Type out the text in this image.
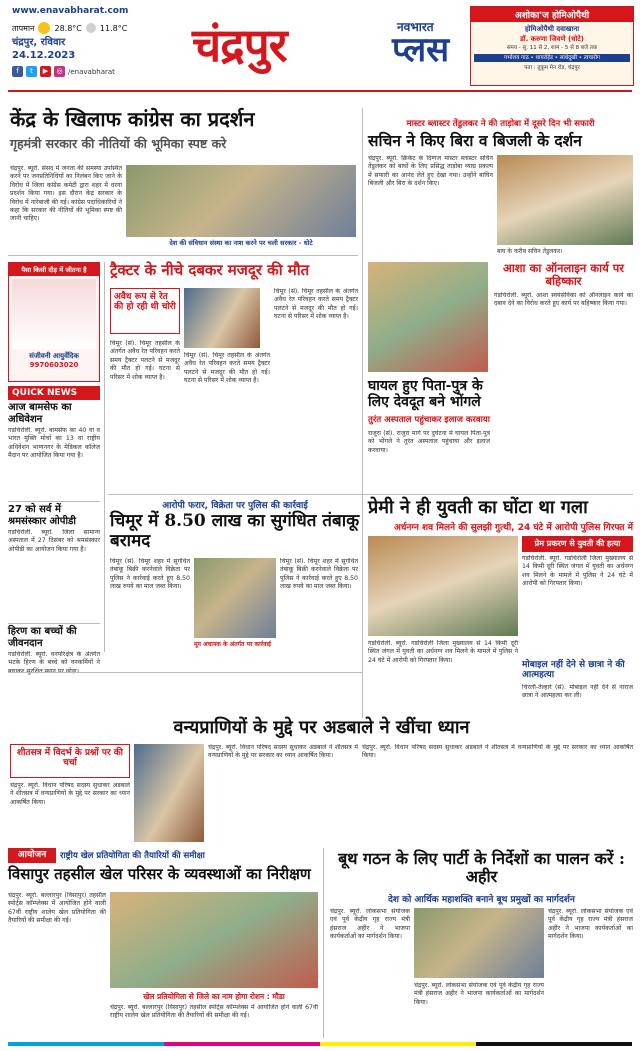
www.enavabharat.com
तापमान	28.8°C 11.8°C
चंद्रपुर, रविवार
24.12.2023
f	t	▶	◎ /enavabharat चंद्रपुर	नवभारत
प्लस
अशोका'ज होमिओपैथी
होमिओपैथी दवाखाना
डॉ. करुणा जिवणे (धोटे)
समय - सु. 11 से 2, शाम - 5 से 8 बजे तक
गर्भाशय गाठ • थायरॉईड • सांधेदुखी • त्वचारोग
पता : तुकूम मेन रोड, चंद्रपुर
केंद्र के खिलाफ कांग्रेस का प्रदर्शन
गृहमंत्री सरकार की नीतियों की भूमिका स्पष्ट करे
चंद्रपुर. ब्यूरो. संसद में जनता की समस्या उपस्थित करने पर जनप्रतिनिधियों का निलंबन किए जाने के विरोध में जिला कांग्रेस कमेटी द्वारा शहर में धरना प्रदर्शन किया गया। इस दौरान केंद्र सरकार के विरोध में नारेबाजी की गई। कांग्रेस पदाधिकारियों ने कहा कि सरकार की नीतियों की भूमिका स्पष्ट की जानी चाहिए।
देश की संविधान संस्था का नाश करने पर चली सरकार - धोटे
मास्टर ब्लास्टर तेंडुलकर ने की ताड़ोबा में दूसरे दिन भी सफारी
सचिन ने किए बिरा व बिजली के दर्शन
चंद्रपुर. ब्यूरो. क्रिकेट के दिग्गज मास्टर ब्लास्टर सचिन तेंडुलकर को बाघों के लिए प्रसिद्ध ताड़ोबा व्याघ्र प्रकल्प में सफारी का आनंद लेते हुए देखा गया। उन्होंने बाघिन बिजली और बिरा के दर्शन किए।
बाघ के करीब सचिन तेंडुलकर।
पैसा किसी दौड़ में जीतना है
संजीवनी आयुर्वेदिक
9970603020
QUICK NEWS
आज बामसेफ का अधिवेशन
गडचिरोली. ब्यूरो. बामसेफ का 40 वा व भारत मुक्ति मोर्चा का 13 वा राष्ट्रीय अधिवेशन भाग्यनगर के मेडिकल कॉलेज मैदान पर आयोजित किया गया है।
27 को सर्व में श्रमसंस्कार ओपीडी
गडचिरोली. ब्यूरो. जिला सामान्य अस्पताल में 27 दिसंबर को श्रमसंस्कार ओपीडी का आयोजन किया गया है।
हिरण का बच्चों की जीवनदान
गडचिरोली. ब्यूरो. वनपरिक्षेत्र के अंतर्गत भटके हिरण के बच्चे को वनकर्मियों ने
ट्रैक्टर के नीचे दबकर मजदूर की मौत
अवैध रूप से रेत की हो रही थी चोरी
चिमूर (सं). चिमूर तहसील के अंतर्गत अवैध रेत परिवहन करते समय ट्रैक्टर पलटने से मजदूर की मौत हो गई। घटना से परिसर में शोक व्याप्त है।
चिमूर (सं). चिमूर तहसील के अंतर्गत अवैध रेत परिवहन करते समय ट्रैक्टर पलटने से मजदूर की मौत हो गई। घटना से परिसर में शोक व्याप्त है।
चिमूर (सं). चिमूर तहसील के अंतर्गत अवैध रेत परिवहन करते समय ट्रैक्टर पलटने से मजदूर की मौत हो गई। घटना से परिसर में शोक व्याप्त है।
आशा का ऑनलाइन कार्य पर बहिष्कार
गडचिरोली. ब्यूरो. आशा स्वयंसेविका को ऑनलाइन कार्य का दबाव देने का विरोध करते हुए कार्य पर बहिष्कार किया गया।
घायल हुए पिता-पुत्र के लिए देवदूत बने भोंगले
तुरंत अस्पताल पहुंचाकर इलाज करवाया
राजुरा (सं). राजुरा मार्ग पर दुर्घटना में घायल पिता-पुत्र को भोंगले ने तुरंत अस्पताल पहुंचाया और इलाज करवाया।
आरोपी फरार, विक्रेता पर पुलिस की कार्रवाई
चिमूर में 8.50 लाख का सुगंधित तंबाकू बरामद
चिमूर (सं). चिमूर शहर में सुगंधित तंबाकू बिक्री करनेवाले विक्रेता पर पुलिस ने कार्रवाई करते हुए 8.50 लाख रुपये का माल जब्त किया।
मून अचानक के अंतर्गत पर कार्रवाई
चिमूर (सं). चिमूर शहर में सुगंधित तंबाकू बिक्री करनेवाले विक्रेता पर पुलिस ने कार्रवाई करते हुए 8.50 लाख रुपये का माल जब्त किया।
प्रेमी ने ही युवती का घोंटा था गला
अर्धनग्न शव मिलने की सुलझी गुत्थी, 24 घंटे में आरोपी पुलिस गिरफ्त में
प्रेम प्रकरण से युवती की हत्या
गडचिरोली. ब्यूरो. गडचिरोली जिला मुख्यालय से 14 किमी दूरी स्थित जंगल में युवती का अर्धनग्न शव मिलने के मामले में पुलिस ने 24 घंटे में आरोपी को गिरफ्तार किया।
गडचिरोली. ब्यूरो. गडचिरोली जिला मुख्यालय से 14 किमी दूरी स्थित जंगल में युवती का अर्धनग्न शव मिलने के मामले में पुलिस ने 24 घंटे में आरोपी को गिरफ्तार किया।	मोबाइल नहीं देने से छात्रा ने की आत्महत्या
चिरली-तेल्हारे (सं). मोबाइल नहीं देने से नाराज छात्रा ने आत्महत्या कर ली।
वन्यप्राणियों के मुद्दे पर अडबाले ने खींचा ध्यान
शीतसत्र में विदर्भ के प्रश्नों पर की चर्चा
चंद्रपुर. ब्यूरो. विधान परिषद सदस्य सुधाकर अडबाले ने शीतसत्र में वन्यप्राणियों के मुद्दे पर सरकार का ध्यान आकर्षित किया।
चंद्रपुर. ब्यूरो. विधान परिषद सदस्य सुधाकर अडबाले ने शीतसत्र में वन्यप्राणियों के मुद्दे पर सरकार का ध्यान आकर्षित किया।
चंद्रपुर. ब्यूरो. विधान परिषद सदस्य सुधाकर अडबाले ने शीतसत्र में वन्यप्राणियों के मुद्दे पर सरकार का ध्यान आकर्षित किया।
आयोजन	राष्ट्रीय खेल प्रतियोगिता की तैयारियों की समीक्षा
विसापुर तहसील खेल परिसर के व्यवस्थाओं का निरीक्षण
चंद्रपुर. ब्यूरो. बल्लारपुर (विसापुर) तहसील स्पोर्ट्स कॉम्प्लेक्स में आयोजित होने वाली 67वीं राष्ट्रीय शालेय खेल प्रतियोगिता की तैयारियों की समीक्षा की गई।
खेल प्रतियोगिता से जिले का नाम होगा रोशन : मौडा
चंद्रपुर. ब्यूरो. बल्लारपुर (विसापुर) तहसील स्पोर्ट्स कॉम्प्लेक्स में आयोजित होने वाली 67वीं राष्ट्रीय शालेय खेल प्रतियोगिता की तैयारियों की समीक्षा की गई।
बूथ गठन के लिए पार्टी के निर्देशों का पालन करें : अहीर
देश को आर्थिक महाशक्ति बनाने बूथ प्रमुखों का मार्गदर्शन
चंद्रपुर. ब्यूरो. लोकसभा संयोजक एवं पूर्व केंद्रीय गृह राज्य मंत्री हंसराज अहीर ने भाजपा कार्यकर्ताओं का मार्गदर्शन किया।
चंद्रपुर. ब्यूरो. लोकसभा संयोजक एवं पूर्व केंद्रीय गृह राज्य मंत्री हंसराज अहीर ने भाजपा कार्यकर्ताओं का मार्गदर्शन किया।
चंद्रपुर. ब्यूरो. लोकसभा संयोजक एवं पूर्व केंद्रीय गृह राज्य मंत्री हंसराज अहीर ने भाजपा कार्यकर्ताओं का मार्गदर्शन किया।
